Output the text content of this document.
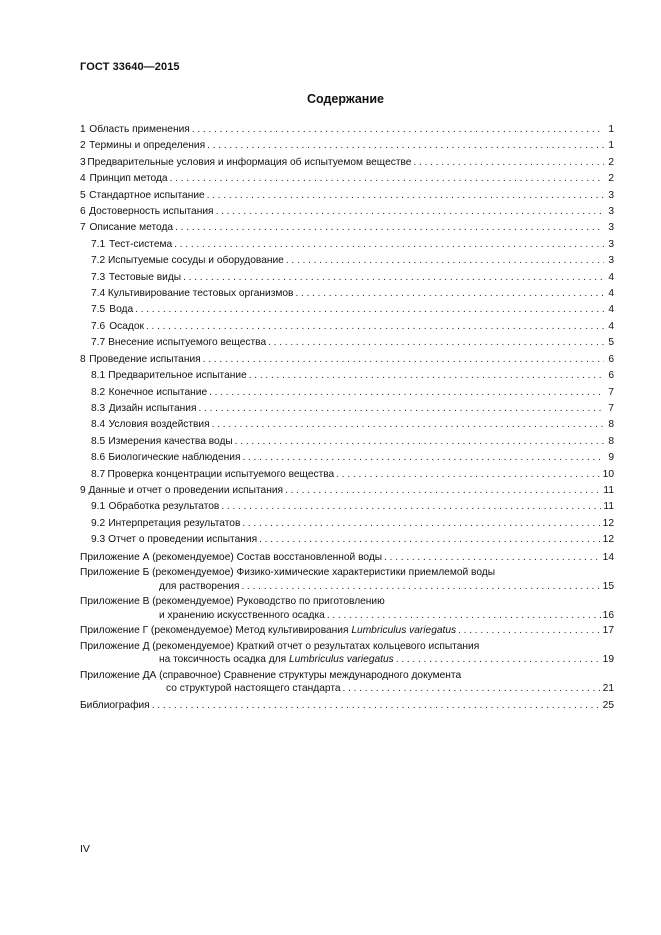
ГОСТ 33640—2015
Содержание
1 Область применения . . .	1
2 Термины и определения . . .	1
3 Предварительные условия и информация об испытуемом веществе . . .	2
4 Принцип метода . . .	2
5 Стандартное испытание . . .	3
6 Достоверность испытания . . .	3
7 Описание метода . . .	3
7.1 Тест-система . . .	3
7.2 Испытуемые сосуды и оборудование . . .	3
7.3 Тестовые виды . . .	4
7.4 Культивирование тестовых организмов . . .	4
7.5 Вода . . .	4
7.6 Осадок . . .	4
7.7 Внесение испытуемого вещества . . .	5
8 Проведение испытания . . .	6
8.1 Предварительное испытание . . .	6
8.2 Конечное испытание . . .	7
8.3 Дизайн испытания . . .	7
8.4 Условия воздействия . . .	8
8.5 Измерения качества воды . . .	8
8.6 Биологические наблюдения . . .	9
8.7 Проверка концентрации испытуемого вещества . . .	10
9 Данные и отчет о проведении испытания . . .	11
9.1 Обработка результатов . . .	11
9.2 Интерпретация результатов . . .	12
9.3 Отчет о проведении испытания . . .	12
Приложение А (рекомендуемое) Состав восстановленной воды . . .	14
Приложение Б (рекомендуемое) Физико-химические характеристики приемлемой воды
для растворения . . .	15
Приложение В (рекомендуемое) Руководство по приготовлению
и хранению искусственного осадка . . .	16
Приложение Г (рекомендуемое) Метод культивирования Lumbriculus variegatus . . .	17
Приложение Д (рекомендуемое) Краткий отчет о результатах кольцевого испытания
на токсичность осадка для Lumbriculus variegatus . . .	19
Приложение ДА (справочное) Сравнение структуры международного документа
со структурой настоящего стандарта . . .	21
Библиография . . .	25
IV
